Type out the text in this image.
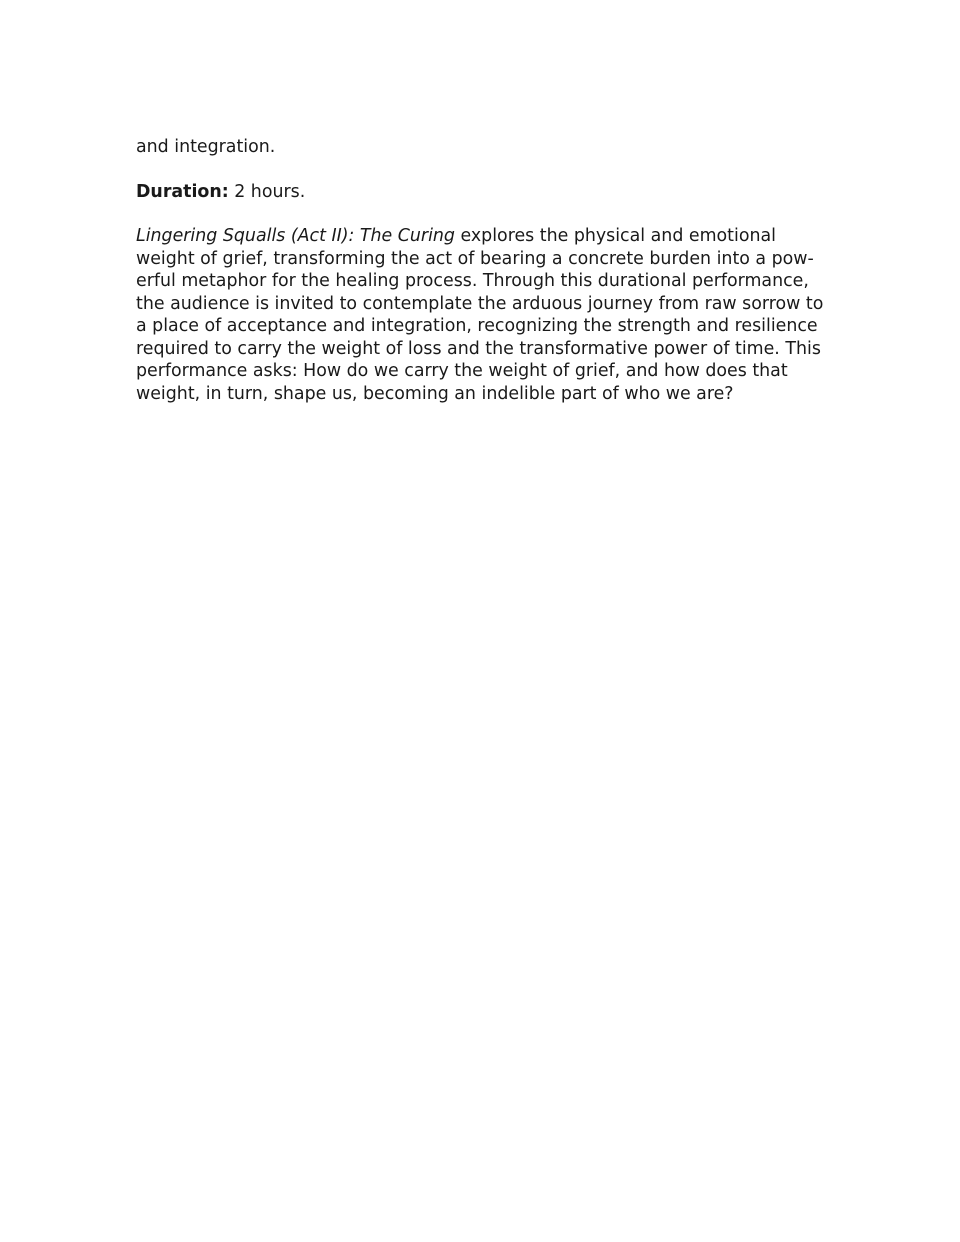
and integration.

Duration: 2 hours.

Lingering Squalls (Act II): The Curing explores the physical and emotional weight of grief, transforming the act of bearing a concrete burden into a pow-erful metaphor for the healing process. Through this durational performance, the audience is invited to contemplate the arduous journey from raw sorrow to a place of acceptance and integration, recognizing the strength and resilience required to carry the weight of loss and the transformative power of time. This performance asks: How do we carry the weight of grief, and how does that weight, in turn, shape us, becoming an indelible part of who we are?
